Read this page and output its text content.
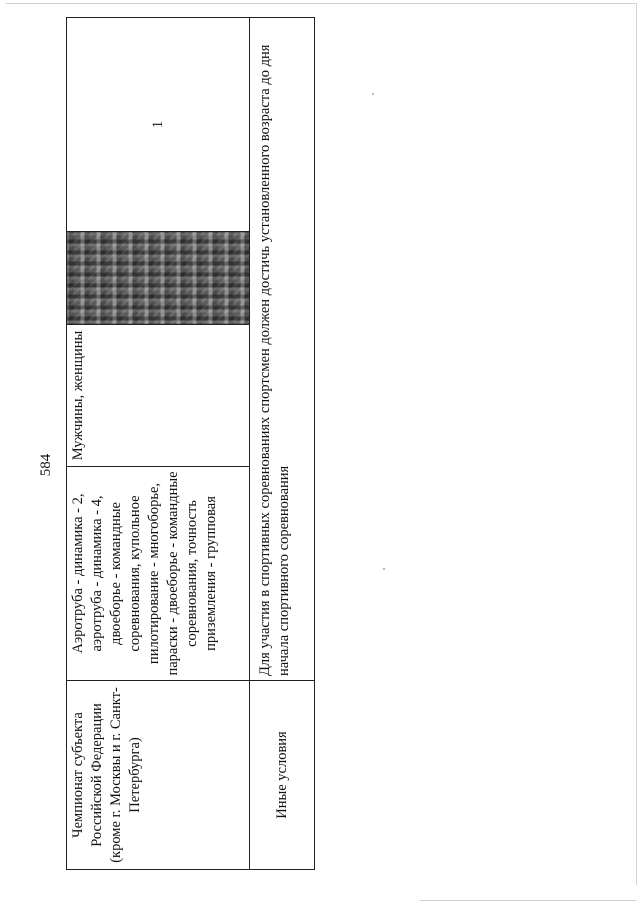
584
Чемпионат субъекта Российской Федерации (кроме г. Москвы и г. Санкт-Петербурга)	Аэротруба - динамика - 2, аэротруба - динамика - 4, двоеборье - командные соревнования, купольное пилотирование - многоборье, параски - двоеборье - командные соревнования, точность приземления - групповая	Мужчины, женщины		1
Иные условия	Для участия в спортивных соревнованиях спортсмен должен достичь установленного возраста до дня начала спортивного соревнования			
